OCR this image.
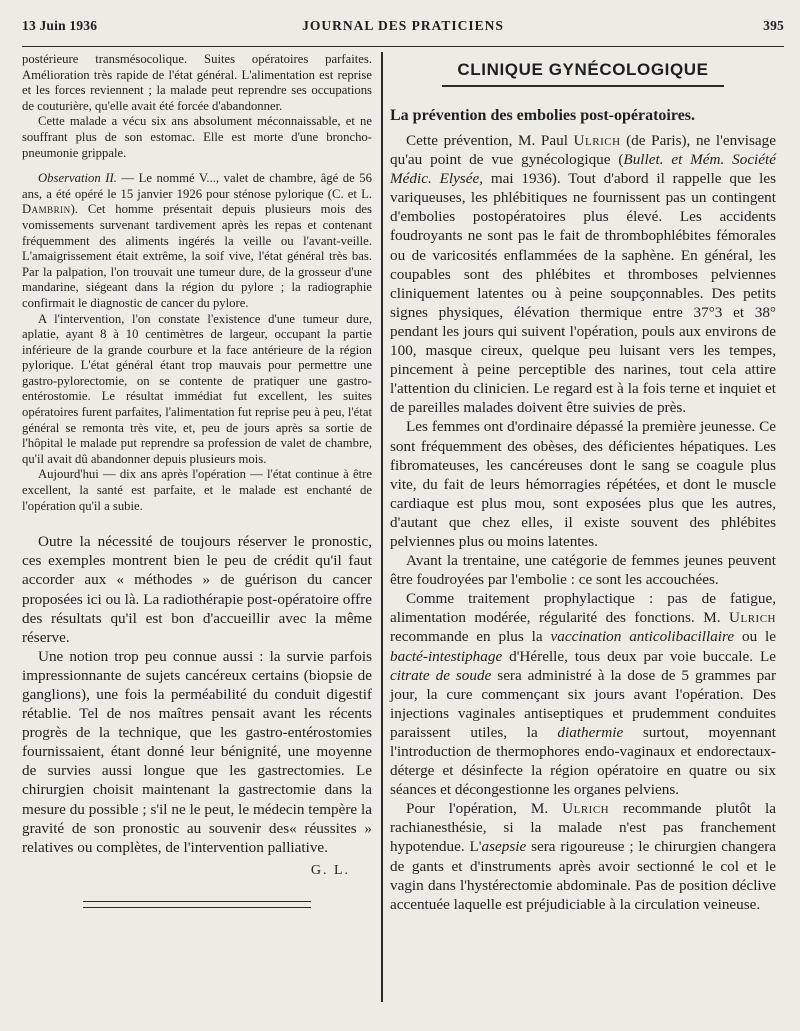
13 Juin 1936	JOURNAL DES PRATICIENS	395

postérieure transmésocolique. Suites opératoires parfaites. Amélioration très rapide de l'état général. L'alimentation est reprise et les forces reviennent ; la malade peut reprendre ses occupations de couturière, qu'elle avait été forcée d'abandonner.

Cette malade a vécu six ans absolument méconnaissable, et ne souffrant plus de son estomac. Elle est morte d'une broncho-pneumonie grippale.

Observation II. — Le nommé V..., valet de chambre, âgé de 56 ans, a été opéré le 15 janvier 1926 pour sténose pylorique (C. et L. Dambrin). Cet homme présentait depuis plusieurs mois des vomissements survenant tardivement après les repas et contenant fréquemment des aliments ingérés la veille ou l'avant-veille. L'amaigrissement était extrême, la soif vive, l'état général très bas. Par la palpation, l'on trouvait une tumeur dure, de la grosseur d'une mandarine, siégeant dans la région du pylore ; la radiographie confirmait le diagnostic de cancer du pylore.

A l'intervention, l'on constate l'existence d'une tumeur dure, aplatie, ayant 8 à 10 centimètres de largeur, occupant la partie inférieure de la grande courbure et la face antérieure de la région pylorique. L'état général étant trop mauvais pour permettre une gastro-pylorectomie, on se contente de pratiquer une gastro-entérostomie. Le résultat immédiat fut excellent, les suites opératoires furent parfaites, l'alimentation fut reprise peu à peu, l'état général se remonta très vite, et, peu de jours après sa sortie de l'hôpital le malade put reprendre sa profession de valet de chambre, qu'il avait dû abandonner depuis plusieurs mois.

Aujourd'hui — dix ans après l'opération — l'état continue à être excellent, la santé est parfaite, et le malade est enchanté de l'opération qu'il a subie.

Outre la nécessité de toujours réserver le pronostic, ces exemples montrent bien le peu de crédit qu'il faut accorder aux « méthodes » de guérison du cancer proposées ici ou là. La radiothérapie post-opératoire offre des résultats qu'il est bon d'accueillir avec la même réserve.

Une notion trop peu connue aussi : la survie parfois impressionnante de sujets cancéreux certains (biopsie de ganglions), une fois la perméabilité du conduit digestif rétablie. Tel de nos maîtres pensait avant les récents progrès de la technique, que les gastro-entérostomies fournissaient, étant donné leur bénignité, une moyenne de survies aussi longue que les gastrectomies. Le chirurgien choisit maintenant la gastrectomie dans la mesure du possible ; s'il ne le peut, le médecin tempère la gravité de son pronostic au souvenir des« réussites » relatives ou complètes, de l'intervention palliative.

G. L.
CLINIQUE GYNÉCOLOGIQUE
La prévention des embolies post-opératoires.

Cette prévention, M. Paul Ulrich (de Paris), ne l'envisage qu'au point de vue gynécologique (Bullet. et Mém. Société Médic. Elysée, mai 1936). Tout d'abord il rappelle que les variqueuses, les phlébitiques ne fournissent pas un contingent d'embolies postopératoires plus élevé. Les accidents foudroyants ne sont pas le fait de thrombophlébites fémorales ou de varicosités enflammées de la saphène. En général, les coupables sont des phlébites et thromboses pelviennes cliniquement latentes ou à peine soupçonnables. Des petits signes physiques, élévation thermique entre 37°3 et 38° pendant les jours qui suivent l'opération, pouls aux environs de 100, masque cireux, quelque peu luisant vers les tempes, pincement à peine perceptible des narines, tout cela attire l'attention du clinicien. Le regard est à la fois terne et inquiet et de pareilles malades doivent être suivies de près.

Les femmes ont d'ordinaire dépassé la première jeunesse. Ce sont fréquemment des obèses, des déficientes hépatiques. Les fibromateuses, les cancéreuses dont le sang se coagule plus vite, du fait de leurs hémorragies répétées, et dont le muscle cardiaque est plus mou, sont exposées plus que les autres, d'autant que chez elles, il existe souvent des phlébites pelviennes plus ou moins latentes.

Avant la trentaine, une catégorie de femmes jeunes peuvent être foudroyées par l'embolie : ce sont les accouchées.

Comme traitement prophylactique : pas de fatigue, alimentation modérée, régularité des fonctions. M. Ulrich recommande en plus la vaccination anticolibacillaire ou le bacté-intestiphage d'Hérelle, tous deux par voie buccale. Le citrate de soude sera administré à la dose de 5 grammes par jour, la cure commençant six jours avant l'opération. Des injections vaginales antiseptiques et prudemment conduites paraissent utiles, la diathermie surtout, moyennant l'introduction de thermophores endo-vaginaux et endorectaux-déterge et désinfecte la région opératoire en quatre ou six séances et décongestionne les organes pelviens.

Pour l'opération, M. Ulrich recommande plutôt la rachianesthésie, si la malade n'est pas franchement hypotendue. L'asepsie sera rigoureuse ; le chirurgien changera de gants et d'instruments après avoir sectionné le col et le vagin dans l'hystérectomie abdominale. Pas de position déclive accentuée laquelle est préjudiciable à la circulation veineuse.
